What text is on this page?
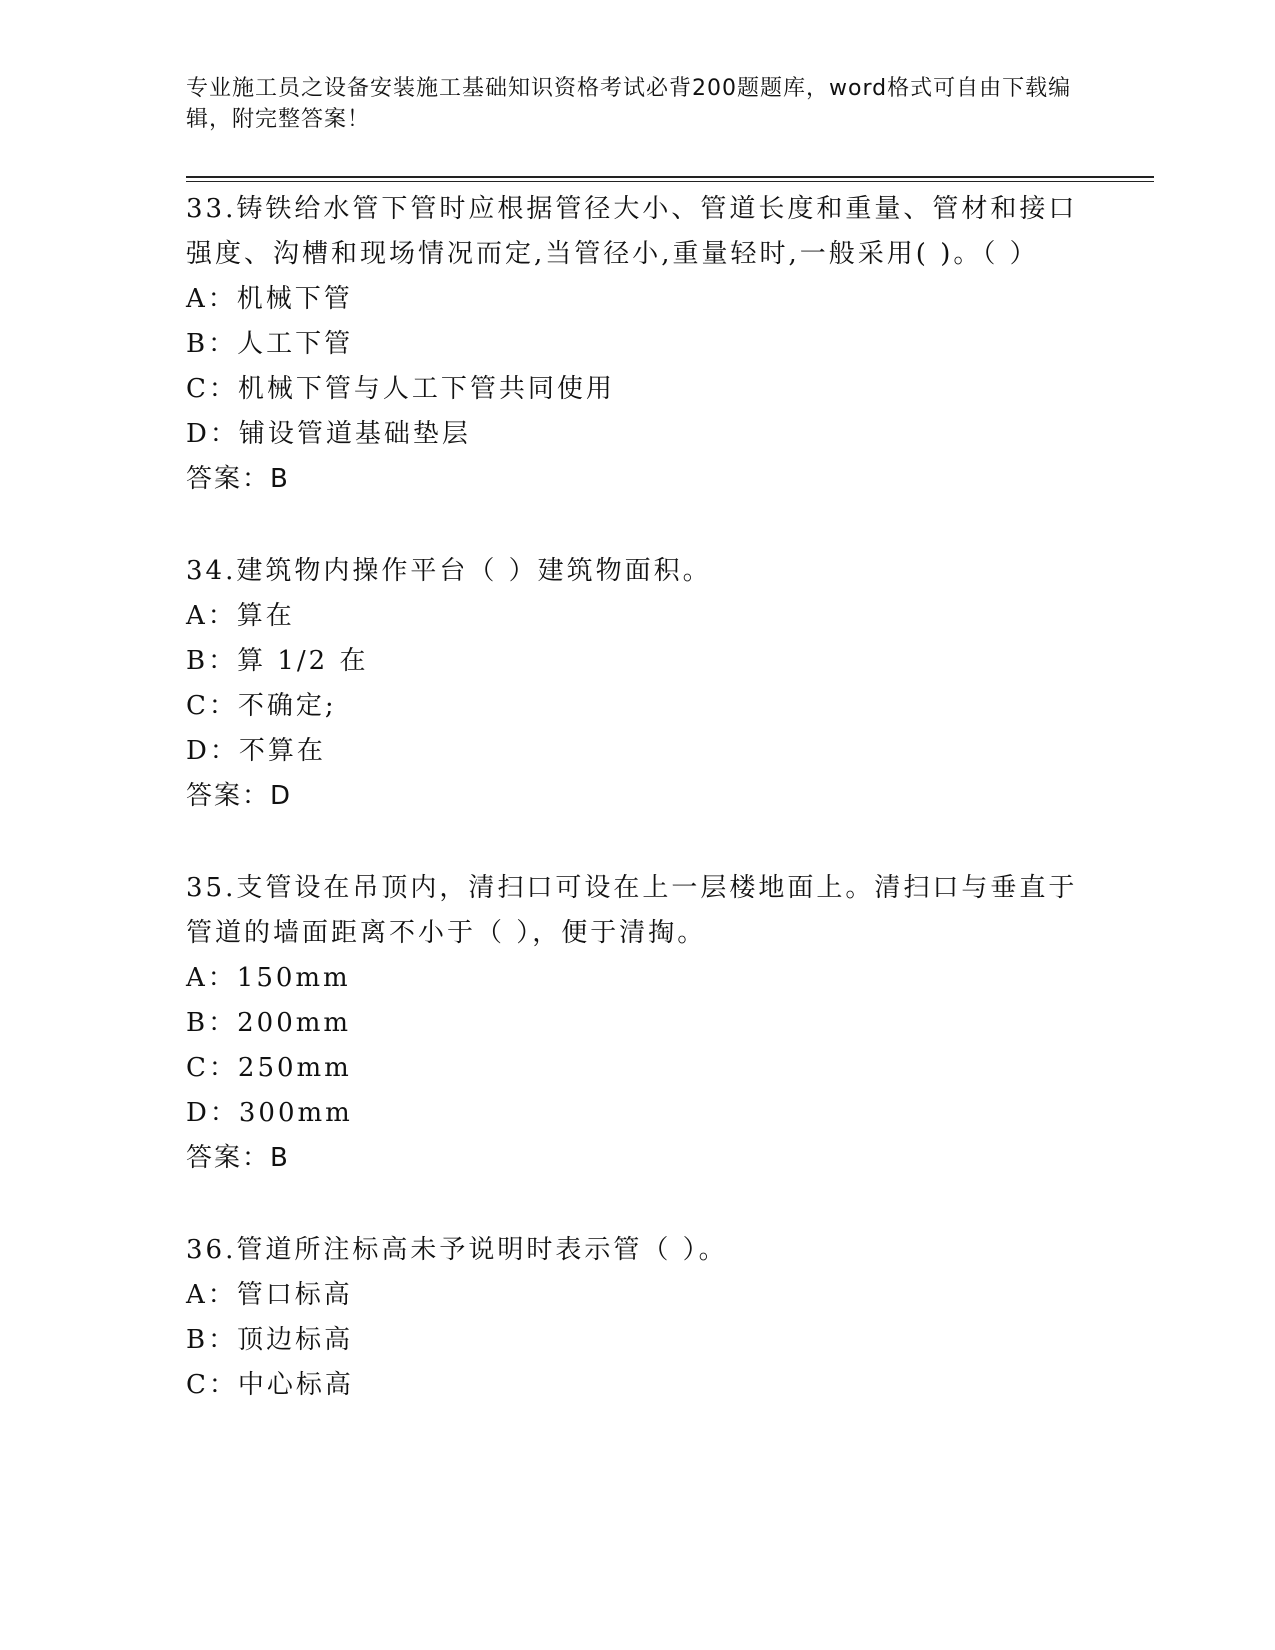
专业施工员之设备安装施工基础知识资格考试必背200题题库，word格式可自由下载编辑，附完整答案！

33.铸铁给水管下管时应根据管径大小、管道长度和重量、管材和接口强度、沟槽和现场情况而定,当管径小,重量轻时,一般采用( )。（ ）

A：机械下管

B：人工下管

C：机械下管与人工下管共同使用

D：铺设管道基础垫层

答案：B

34.建筑物内操作平台（ ）建筑物面积。

A：算在

B：算 1/2 在

C：不确定;

D：不算在

答案：D

35.支管设在吊顶内，清扫口可设在上一层楼地面上。清扫口与垂直于管道的墙面距离不小于（ ），便于清掏。

A：150mm

B：200mm

C：250mm

D：300mm

答案：B

36.管道所注标高未予说明时表示管（ ）。

A：管口标高

B：顶边标高

C：中心标高
